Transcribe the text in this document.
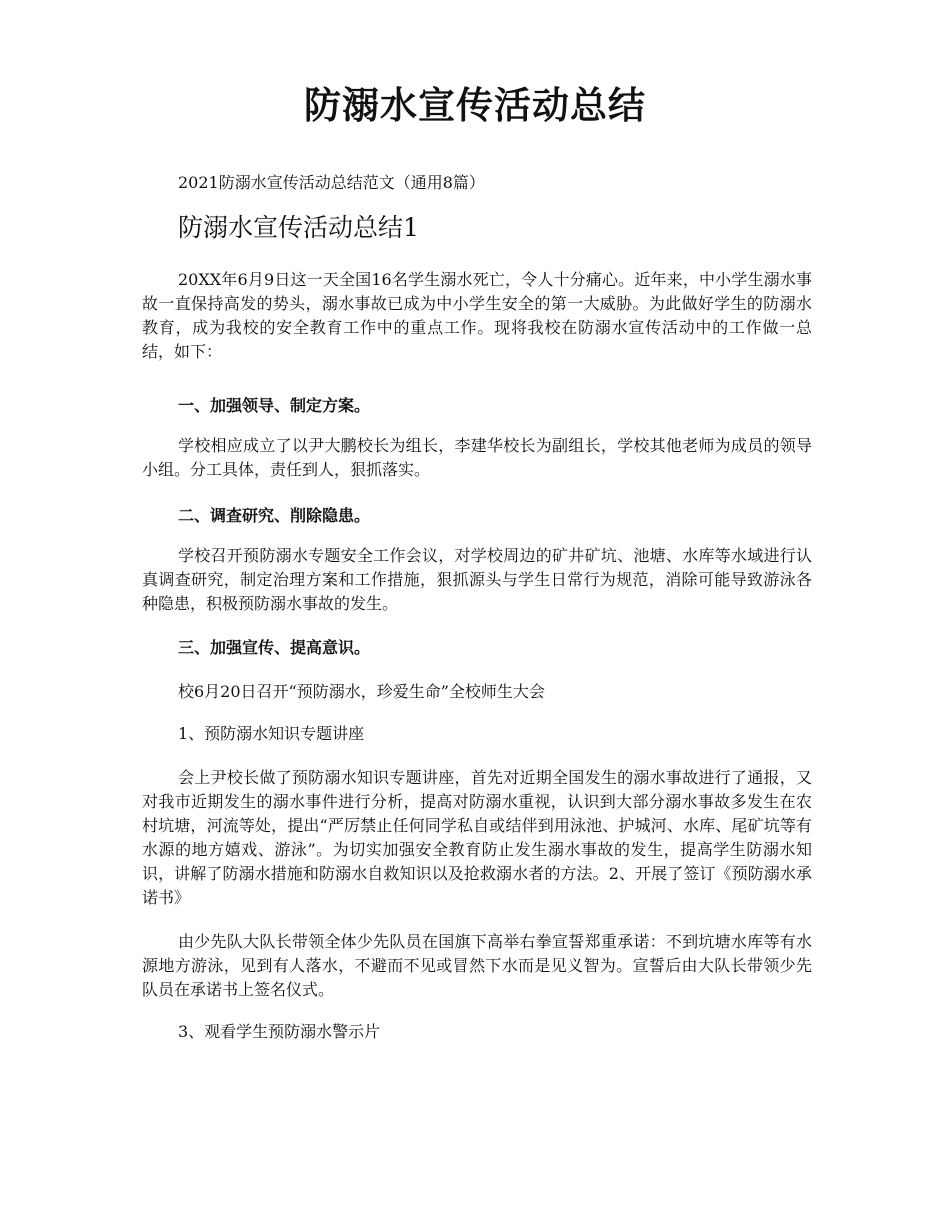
防溺水宣传活动总结

2021防溺水宣传活动总结范文（通用8篇）

防溺水宣传活动总结1

20XX年6月9日这一天全国16名学生溺水死亡，令人十分痛心。近年来，中小学生溺水事故一直保持高发的势头，溺水事故已成为中小学生安全的第一大威胁。为此做好学生的防溺水教育，成为我校的安全教育工作中的重点工作。现将我校在防溺水宣传活动中的工作做一总结，如下：

一、加强领导、制定方案。

学校相应成立了以尹大鹏校长为组长，李建华校长为副组长，学校其他老师为成员的领导小组。分工具体，责任到人，狠抓落实。

二、调查研究、削除隐患。

学校召开预防溺水专题安全工作会议，对学校周边的矿井矿坑、池塘、水库等水域进行认真调查研究，制定治理方案和工作措施，狠抓源头与学生日常行为规范，消除可能导致游泳各种隐患，积极预防溺水事故的发生。

三、加强宣传、提高意识。

校6月20日召开“预防溺水，珍爱生命”全校师生大会

1、预防溺水知识专题讲座

会上尹校长做了预防溺水知识专题讲座，首先对近期全国发生的溺水事故进行了通报，又对我市近期发生的溺水事件进行分析，提高对防溺水重视，认识到大部分溺水事故多发生在农村坑塘，河流等处，提出“严厉禁止任何同学私自或结伴到用泳池、护城河、水库、尾矿坑等有水源的地方嬉戏、游泳”。为切实加强安全教育防止发生溺水事故的发生，提高学生防溺水知识，讲解了防溺水措施和防溺水自救知识以及抢救溺水者的方法。2、开展了签订《预防溺水承诺书》

由少先队大队长带领全体少先队员在国旗下高举右拳宣誓郑重承诺：不到坑塘水库等有水源地方游泳，见到有人落水，不避而不见或冒然下水而是见义智为。宣誓后由大队长带领少先队员在承诺书上签名仪式。

3、观看学生预防溺水警示片
